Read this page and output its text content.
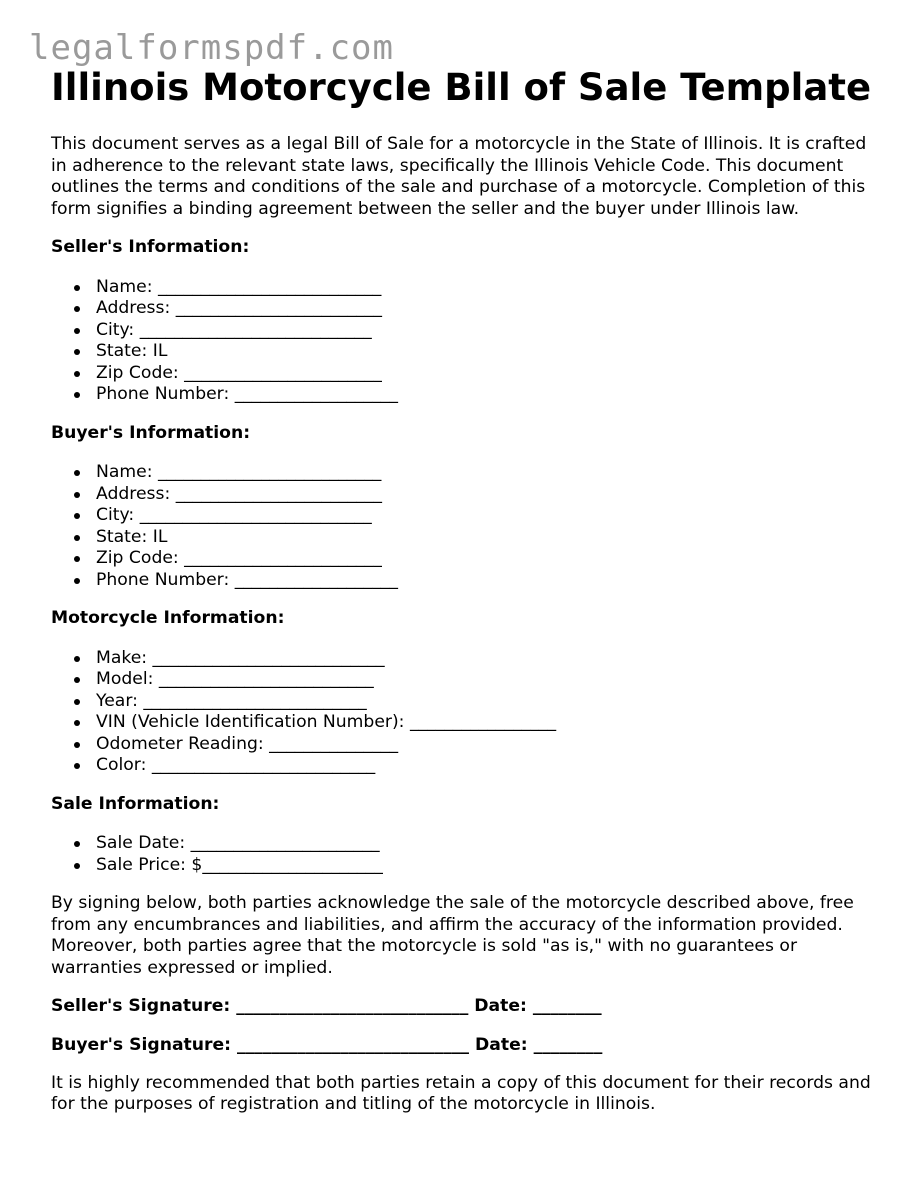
legalformspdf.com
Illinois Motorcycle Bill of Sale Template

This document serves as a legal Bill of Sale for a motorcycle in the State of Illinois. It is crafted in adherence to the relevant state laws, specifically the Illinois Vehicle Code. This document outlines the terms and conditions of the sale and purchase of a motorcycle. Completion of this form signifies a binding agreement between the seller and the buyer under Illinois law.

Seller's Information:
Name: __________________________
Address: ________________________
City: ___________________________
State: IL
Zip Code: _______________________
Phone Number: ___________________
Buyer's Information:
Name: __________________________
Address: ________________________
City: ___________________________
State: IL
Zip Code: _______________________
Phone Number: ___________________
Motorcycle Information:
Make: ___________________________
Model: _________________________
Year: __________________________
VIN (Vehicle Identification Number): _________________
Odometer Reading: _______________
Color: __________________________
Sale Information:
Sale Date: ______________________
Sale Price: $_____________________

By signing below, both parties acknowledge the sale of the motorcycle described above, free from any encumbrances and liabilities, and affirm the accuracy of the information provided. Moreover, both parties agree that the motorcycle is sold "as is," with no guarantees or warranties expressed or implied.

Seller's Signature: ___________________________ Date: ________
Buyer's Signature: ___________________________ Date: ________

It is highly recommended that both parties retain a copy of this document for their records and for the purposes of registration and titling of the motorcycle in Illinois.
